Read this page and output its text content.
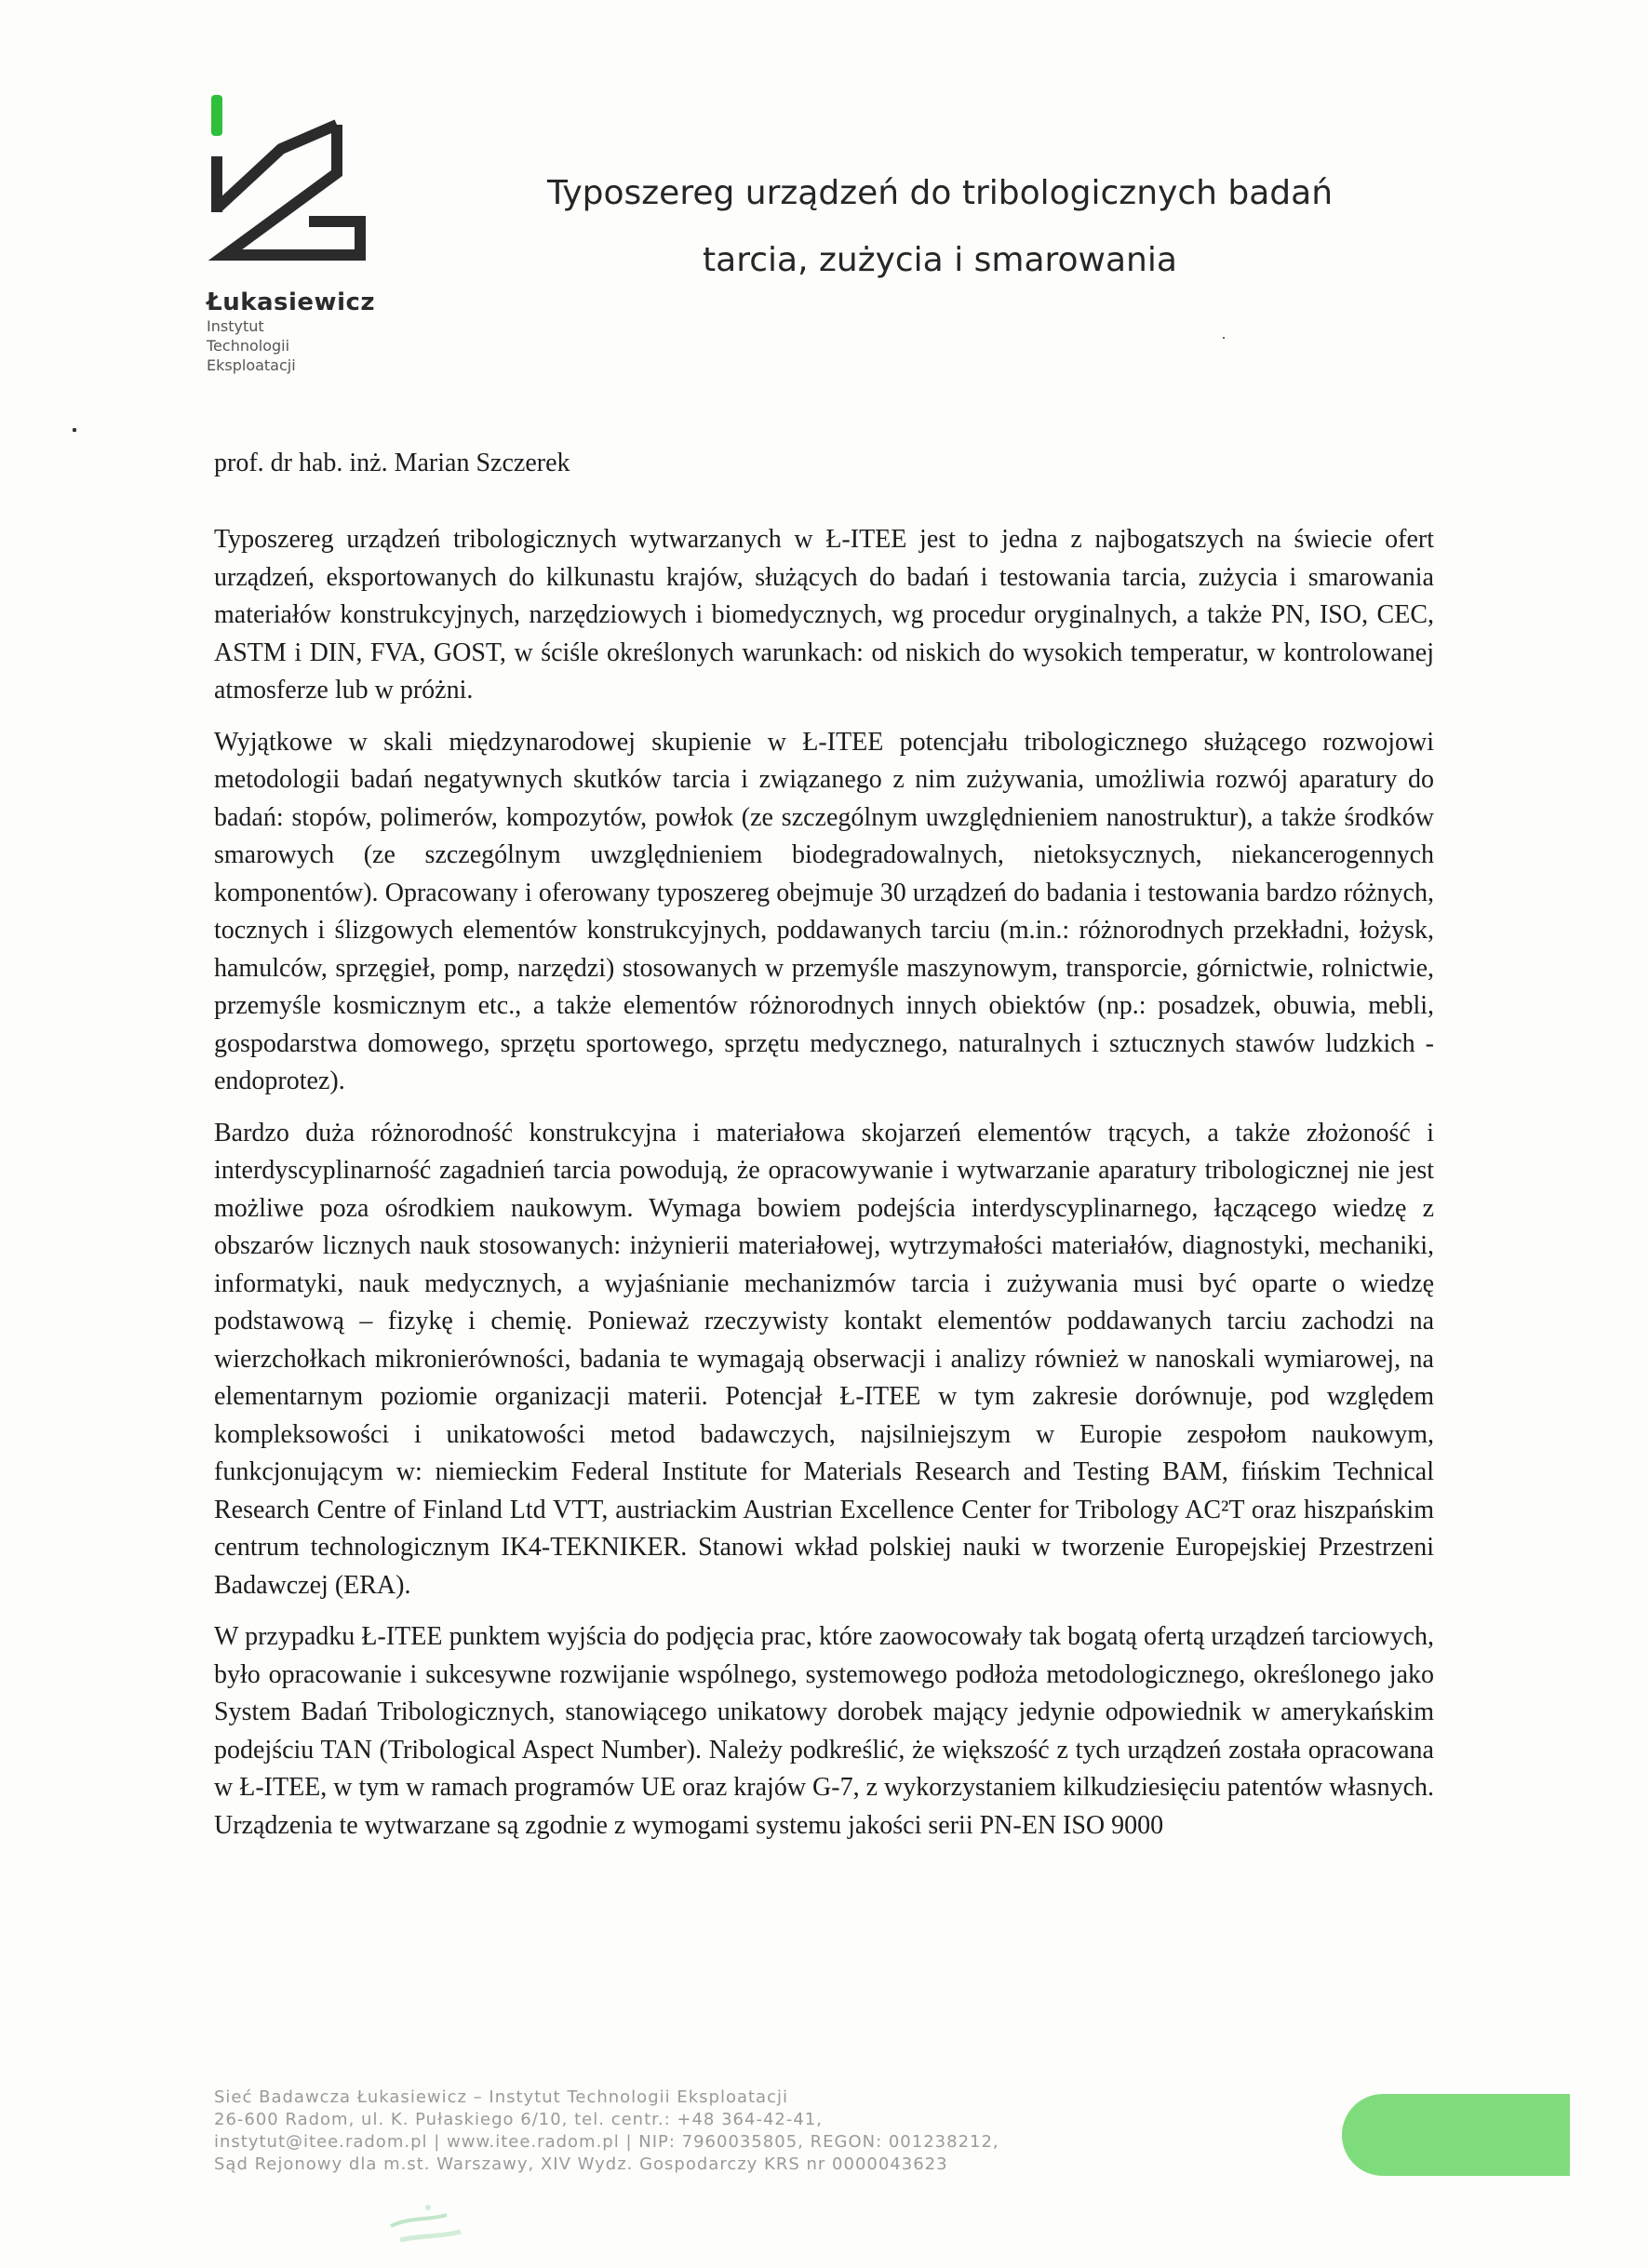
Łukasiewicz
Instytut
Technologii
Eksploatacji
Typoszereg urządzeń do tribologicznych badań
tarcia, zużycia i smarowania
prof. dr hab. inż. Marian Szczerek

Typoszereg urządzeń tribologicznych wytwarzanych w Ł-ITEE jest to jedna z najbogatszych na świecie ofert urządzeń, eksportowanych do kilkunastu krajów, służących do badań i testowania tarcia, zużycia i smarowania materiałów konstrukcyjnych, narzędziowych i biomedycznych, wg procedur oryginalnych, a także PN, ISO, CEC, ASTM i DIN, FVA, GOST, w ściśle określonych warunkach: od niskich do wysokich temperatur, w kontrolowanej atmosferze lub w próżni.

Wyjątkowe w skali międzynarodowej skupienie w Ł-ITEE potencjału tribologicznego służącego rozwojowi metodologii badań negatywnych skutków tarcia i związanego z nim zużywania, umożliwia rozwój aparatury do badań: stopów, polimerów, kompozytów, powłok (ze szczególnym uwzględnieniem nanostruktur), a także środków smarowych (ze szczególnym uwzględnieniem biodegradowalnych, nietoksycznych, niekancerogennych komponentów). Opracowany i oferowany typoszereg obejmuje 30 urządzeń do badania i testowania bardzo różnych, tocznych i ślizgowych elementów konstrukcyjnych, poddawanych tarciu (m.in.: różnorodnych przekładni, łożysk, hamulców, sprzęgieł, pomp, narzędzi) stosowanych w przemyśle maszynowym, transporcie, górnictwie, rolnictwie, przemyśle kosmicznym etc., a także elementów różnorodnych innych obiektów (np.: posadzek, obuwia, mebli, gospodarstwa domowego, sprzętu sportowego, sprzętu medycznego, naturalnych i sztucznych stawów ludzkich - endoprotez).

Bardzo duża różnorodność konstrukcyjna i materiałowa skojarzeń elementów trących, a także złożoność i interdyscyplinarność zagadnień tarcia powodują, że opracowywanie i wytwarzanie aparatury tribologicznej nie jest możliwe poza ośrodkiem naukowym. Wymaga bowiem podejścia interdyscyplinarnego, łączącego wiedzę z obszarów licznych nauk stosowanych: inżynierii materiałowej, wytrzymałości materiałów, diagnostyki, mechaniki, informatyki, nauk medycznych, a wyjaśnianie mechanizmów tarcia i zużywania musi być oparte o wiedzę podstawową – fizykę i chemię. Ponieważ rzeczywisty kontakt elementów poddawanych tarciu zachodzi na wierzchołkach mikronierówności, badania te wymagają obserwacji i analizy również w nanoskali wymiarowej, na elementarnym poziomie organizacji materii. Potencjał Ł-ITEE w tym zakresie dorównuje, pod względem kompleksowości i unikatowości metod badawczych, najsilniejszym w Europie zespołom naukowym, funkcjonującym w: niemieckim Federal Institute for Materials Research and Testing BAM, fińskim Technical Research Centre of Finland Ltd VTT, austriackim Austrian Excellence Center for Tribology AC²T oraz hiszpańskim centrum technologicznym IK4-TEKNIKER. Stanowi wkład polskiej nauki w tworzenie Europejskiej Przestrzeni Badawczej (ERA).

W przypadku Ł-ITEE punktem wyjścia do podjęcia prac, które zaowocowały tak bogatą ofertą urządzeń tarciowych, było opracowanie i sukcesywne rozwijanie wspólnego, systemowego podłoża metodologicznego, określonego jako System Badań Tribologicznych, stanowiącego unikatowy dorobek mający jedynie odpowiednik w amerykańskim podejściu TAN (Tribological Aspect Number). Należy podkreślić, że większość z tych urządzeń została opracowana w Ł-ITEE, w tym w ramach programów UE oraz krajów G-7, z wykorzystaniem kilkudziesięciu patentów własnych. Urządzenia te wytwarzane są zgodnie z wymogami systemu jakości serii PN-EN ISO 9000

Sieć Badawcza Łukasiewicz – Instytut Technologii Eksploatacji
26-600 Radom, ul. K. Pułaskiego 6/10, tel. centr.: +48 364-42-41,
instytut@itee.radom.pl | www.itee.radom.pl | NIP: 7960035805, REGON: 001238212,
Sąd Rejonowy dla m.st. Warszawy, XIV Wydz. Gospodarczy KRS nr 0000043623
